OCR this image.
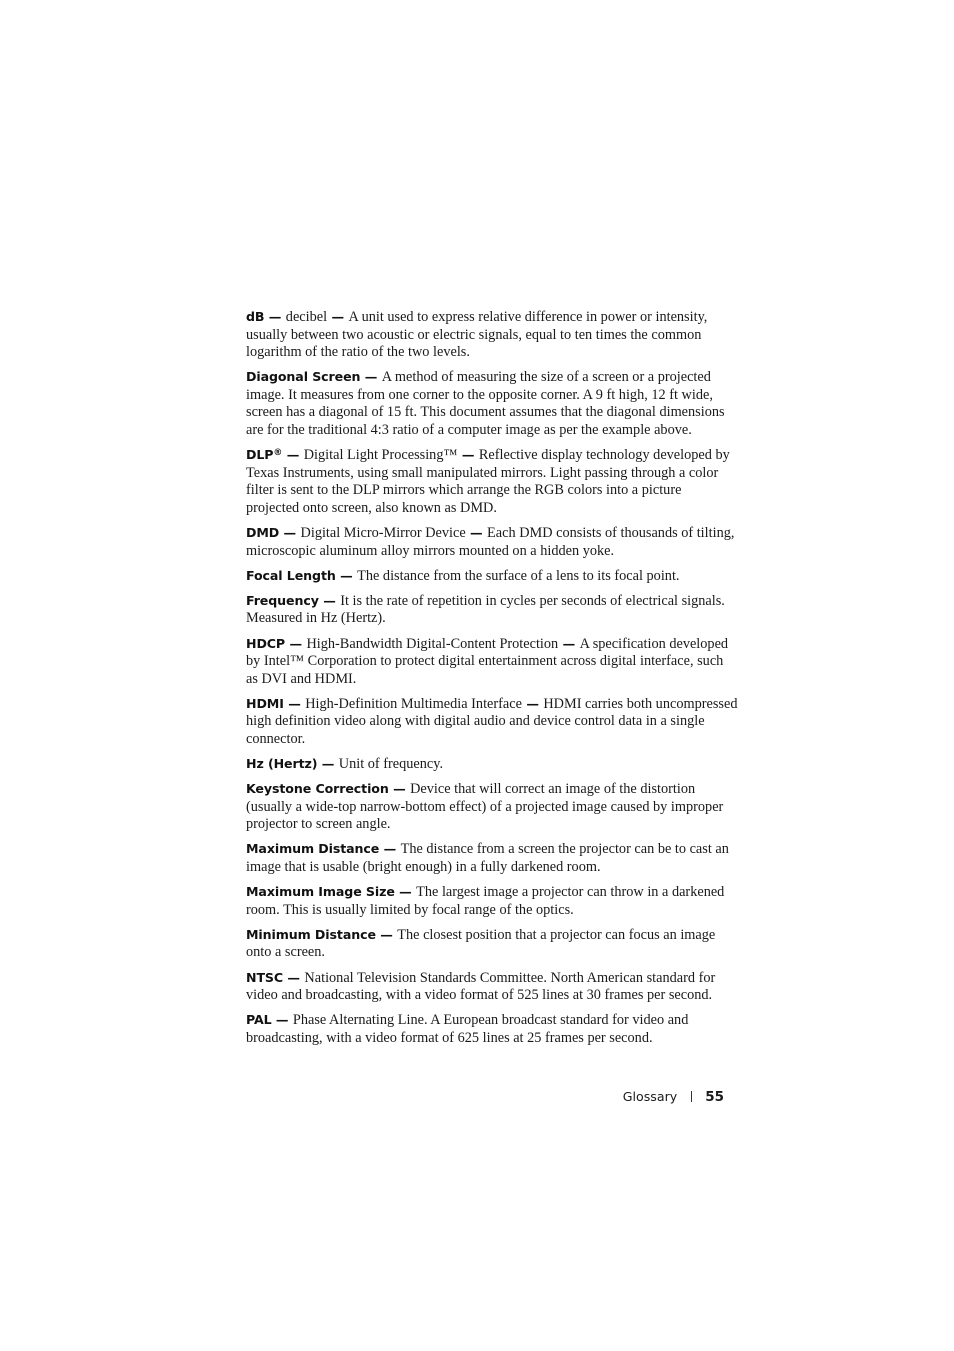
dB — decibel — A unit used to express relative difference in power or intensity, usually between two acoustic or electric signals, equal to ten times the common logarithm of the ratio of the two levels.

Diagonal Screen — A method of measuring the size of a screen or a projected image. It measures from one corner to the opposite corner. A 9 ft high, 12 ft wide, screen has a diagonal of 15 ft. This document assumes that the diagonal dimensions are for the traditional 4:3 ratio of a computer image as per the example above.

DLP® — Digital Light Processing™ — Reflective display technology developed by Texas Instruments, using small manipulated mirrors. Light passing through a color filter is sent to the DLP mirrors which arrange the RGB colors into a picture projected onto screen, also known as DMD.

DMD — Digital Micro-Mirror Device — Each DMD consists of thousands of tilting, microscopic aluminum alloy mirrors mounted on a hidden yoke.

Focal Length — The distance from the surface of a lens to its focal point.

Frequency — It is the rate of repetition in cycles per seconds of electrical signals. Measured in Hz (Hertz).

HDCP — High-Bandwidth Digital-Content Protection — A specification developed by Intel™ Corporation to protect digital entertainment across digital interface, such as DVI and HDMI.

HDMI — High-Definition Multimedia Interface — HDMI carries both uncompressed high definition video along with digital audio and device control data in a single connector.

Hz (Hertz) — Unit of frequency.

Keystone Correction — Device that will correct an image of the distortion (usually a wide-top narrow-bottom effect) of a projected image caused by improper projector to screen angle.

Maximum Distance — The distance from a screen the projector can be to cast an image that is usable (bright enough) in a fully darkened room.

Maximum Image Size — The largest image a projector can throw in a darkened room. This is usually limited by focal range of the optics.

Minimum Distance — The closest position that a projector can focus an image onto a screen.

NTSC — National Television Standards Committee. North American standard for video and broadcasting, with a video format of 525 lines at 30 frames per second.

PAL — Phase Alternating Line. A European broadcast standard for video and broadcasting, with a video format of 625 lines at 25 frames per second.

Glossary 55
